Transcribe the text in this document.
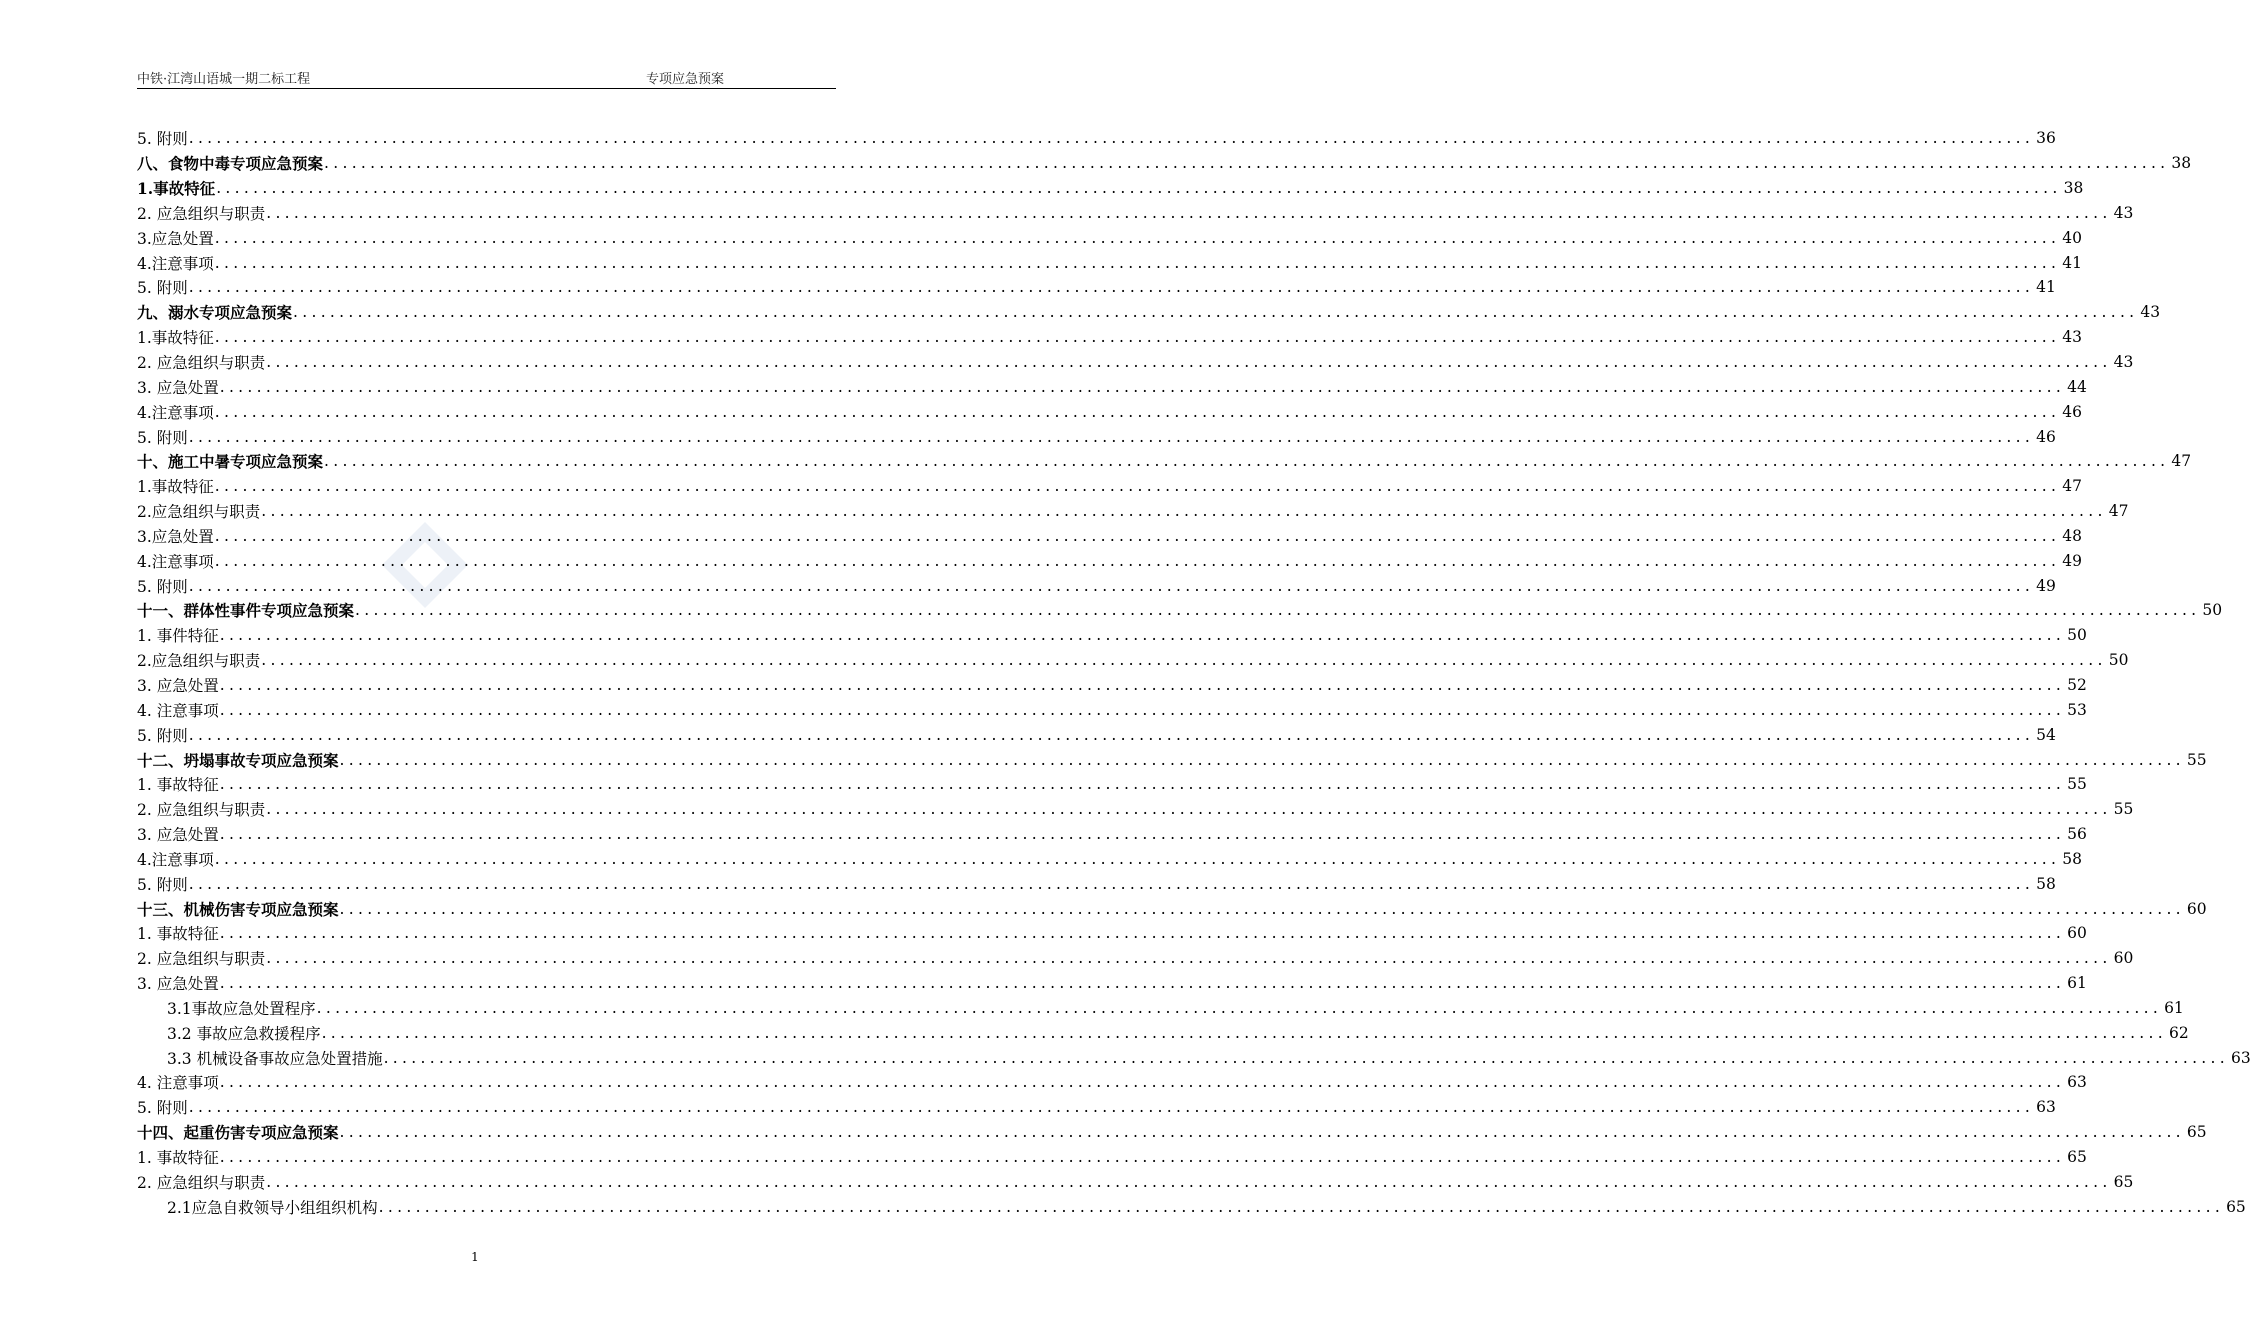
中铁·江湾山语城一期二标工程	专项应急预案
5. 附则 ........................................................................................................................................................................................................ 36
八、食物中毒专项应急预案 ........................................................................................................................................................................................................ 38
1.事故特征 ........................................................................................................................................................................................................ 38
2. 应急组织与职责 ........................................................................................................................................................................................................ 43
3.应急处置 ........................................................................................................................................................................................................ 40
4.注意事项 ........................................................................................................................................................................................................ 41
5. 附则 ........................................................................................................................................................................................................ 41
九、溺水专项应急预案 ........................................................................................................................................................................................................ 43
1.事故特征 ........................................................................................................................................................................................................ 43
2. 应急组织与职责 ........................................................................................................................................................................................................ 43
3. 应急处置 ........................................................................................................................................................................................................ 44
4.注意事项 ........................................................................................................................................................................................................ 46
5. 附则 ........................................................................................................................................................................................................ 46
十、施工中暑专项应急预案 ........................................................................................................................................................................................................ 47
1.事故特征 ........................................................................................................................................................................................................ 47
2.应急组织与职责 ........................................................................................................................................................................................................ 47
3.应急处置 ........................................................................................................................................................................................................ 48
4.注意事项 ........................................................................................................................................................................................................ 49
5. 附则 ........................................................................................................................................................................................................ 49
十一、群体性事件专项应急预案 ........................................................................................................................................................................................................ 50
1. 事件特征 ........................................................................................................................................................................................................ 50
2.应急组织与职责 ........................................................................................................................................................................................................ 50
3. 应急处置 ........................................................................................................................................................................................................ 52
4. 注意事项 ........................................................................................................................................................................................................ 53
5. 附则 ........................................................................................................................................................................................................ 54
十二、坍塌事故专项应急预案 ........................................................................................................................................................................................................ 55
1. 事故特征 ........................................................................................................................................................................................................ 55
2. 应急组织与职责 ........................................................................................................................................................................................................ 55
3. 应急处置 ........................................................................................................................................................................................................ 56
4.注意事项 ........................................................................................................................................................................................................ 58
5. 附则 ........................................................................................................................................................................................................ 58
十三、机械伤害专项应急预案 ........................................................................................................................................................................................................ 60
1. 事故特征 ........................................................................................................................................................................................................ 60
2. 应急组织与职责 ........................................................................................................................................................................................................ 60
3. 应急处置 ........................................................................................................................................................................................................ 61
3.1事故应急处置程序 ........................................................................................................................................................................................................ 61
3.2 事故应急救援程序 ........................................................................................................................................................................................................ 62
3.3 机械设备事故应急处置措施 ........................................................................................................................................................................................................ 63
4. 注意事项 ........................................................................................................................................................................................................ 63
5. 附则 ........................................................................................................................................................................................................ 63
十四、起重伤害专项应急预案 ........................................................................................................................................................................................................ 65
1. 事故特征 ........................................................................................................................................................................................................ 65
2. 应急组织与职责 ........................................................................................................................................................................................................ 65
2.1应急自救领导小组组织机构 ........................................................................................................................................................................................................ 65
1
